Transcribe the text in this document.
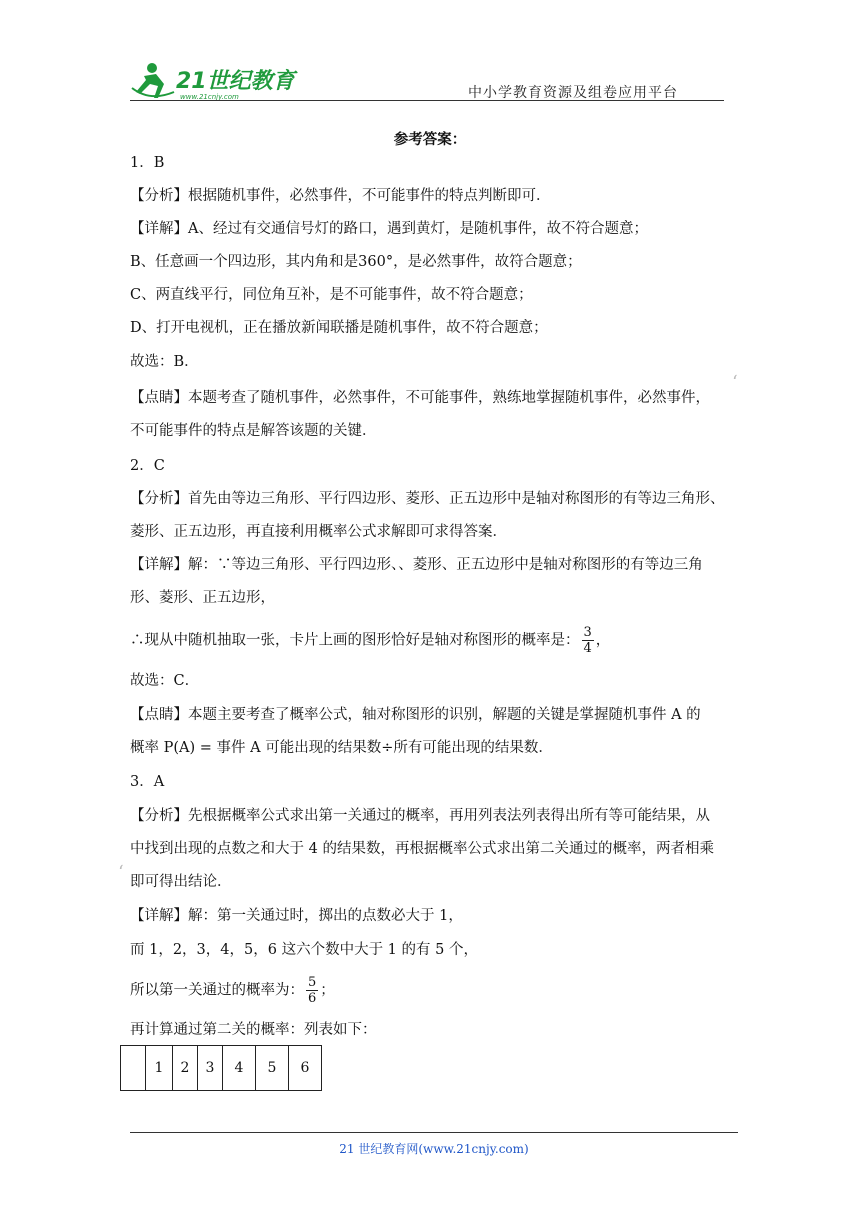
21世纪教育
www.21cnjy.com	中小学教育资源及组卷应用平台
参考答案：
1．B
【分析】根据随机事件，必然事件，不可能事件的特点判断即可．
【详解】A、经过有交通信号灯的路口，遇到黄灯，是随机事件，故不符合题意；
B、任意画一个四边形，其内角和是360°，是必然事件，故符合题意；
C、两直线平行，同位角互补，是不可能事件，故不符合题意；
D、打开电视机，正在播放新闻联播是随机事件，故不符合题意；
故选：B．
【点睛】本题考查了随机事件，必然事件，不可能事件，熟练地掌握随机事件，必然事件，
不可能事件的特点是解答该题的关键．
2．C
【分析】首先由等边三角形、平行四边形、菱形、正五边形中是轴对称图形的有等边三角形、
菱形、正五边形，再直接利用概率公式求解即可求得答案．
【详解】解：∵等边三角形、平行四边形、、菱形、正五边形中是轴对称图形的有等边三角
形、菱形、正五边形，
∴现从中随机抽取一张，卡片上画的图形恰好是轴对称图形的概率是： $\frac{3}{4}$ ，
故选：C．
【点睛】本题主要考查了概率公式，轴对称图形的识别，解题的关键是掌握随机事件 A 的
概率 P(A) = 事件 A 可能出现的结果数÷所有可能出现的结果数．
3．A
【分析】先根据概率公式求出第一关通过的概率，再用列表法列表得出所有等可能结果，从
中找到出现的点数之和大于 4 的结果数，再根据概率公式求出第二关通过的概率，两者相乘
即可得出结论．
【详解】解：第一关通过时，掷出的点数必大于 1，
而 1，2，3，4，5，6 这六个数中大于 1 的有 5 个，
所以第一关通过的概率为： $\frac{5}{6}$ ；
再计算通过第二关的概率：列表如下：
	1	2	3	4	5	6
‘
‘
21 世纪教育网(www.21cnjy.com)
